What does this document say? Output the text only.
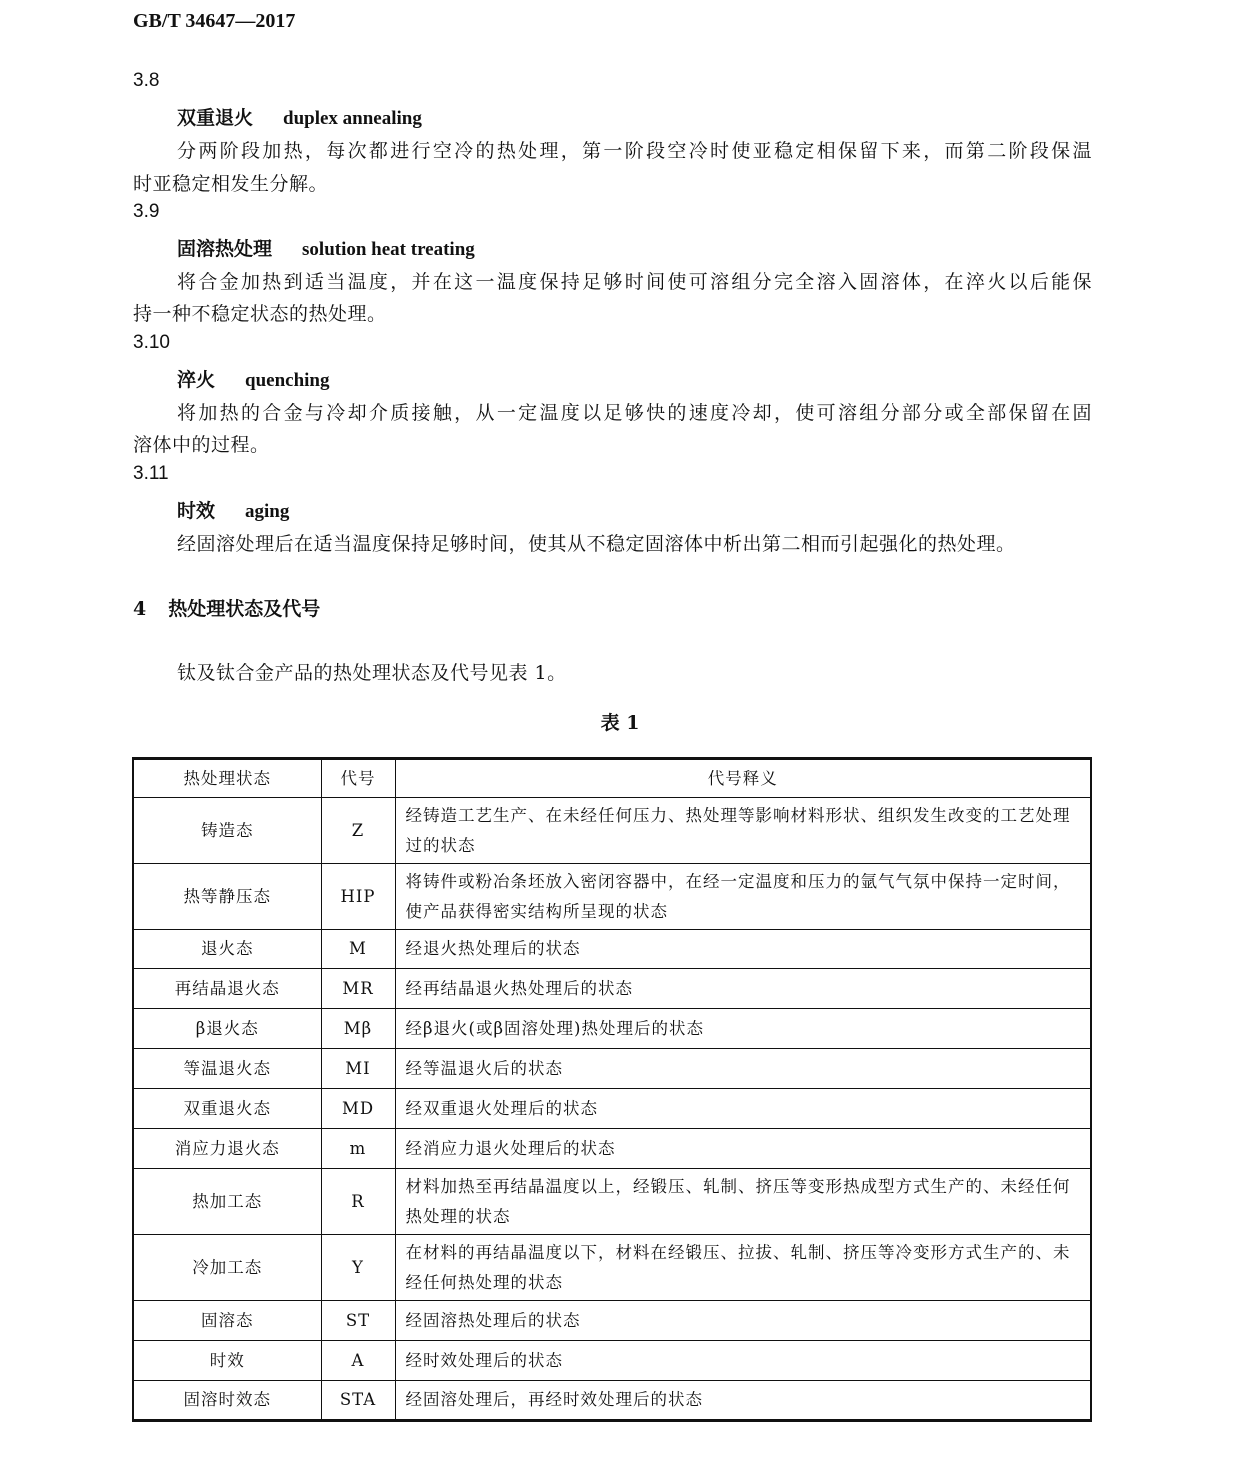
GB/T 34647—2017
3.8
双重退火 duplex annealing
分两阶段加热，每次都进行空冷的热处理，第一阶段空冷时使亚稳定相保留下来，而第二阶段保温
时亚稳定相发生分解。
3.9
固溶热处理 solution heat treating
将合金加热到适当温度，并在这一温度保持足够时间使可溶组分完全溶入固溶体，在淬火以后能保
持一种不稳定状态的热处理。
3.10
淬火 quenching
将加热的合金与冷却介质接触，从一定温度以足够快的速度冷却，使可溶组分部分或全部保留在固
溶体中的过程。
3.11
时效 aging
经固溶处理后在适当温度保持足够时间，使其从不稳定固溶体中析出第二相而引起强化的热处理。
4 热处理状态及代号
钛及钛合金产品的热处理状态及代号见表 1。
表 1
热处理状态	代号	代号释义
铸造态	Z	经铸造工艺生产、在未经任何压力、热处理等影响材料形状、组织发生改变的工艺处理过的状态
热等静压态	HIP	将铸件或粉冶条坯放入密闭容器中，在经一定温度和压力的氩气气氛中保持一定时间，使产品获得密实结构所呈现的状态
退火态	M	经退火热处理后的状态
再结晶退火态	MR	经再结晶退火热处理后的状态
β退火态	Mβ	经β退火(或β固溶处理)热处理后的状态
等温退火态	MI	经等温退火后的状态
双重退火态	MD	经双重退火处理后的状态
消应力退火态	m	经消应力退火处理后的状态
热加工态	R	材料加热至再结晶温度以上，经锻压、轧制、挤压等变形热成型方式生产的、未经任何热处理的状态
冷加工态	Y	在材料的再结晶温度以下，材料在经锻压、拉拔、轧制、挤压等冷变形方式生产的、未经任何热处理的状态
固溶态	ST	经固溶热处理后的状态
时效	A	经时效处理后的状态
固溶时效态	STA	经固溶处理后，再经时效处理后的状态
